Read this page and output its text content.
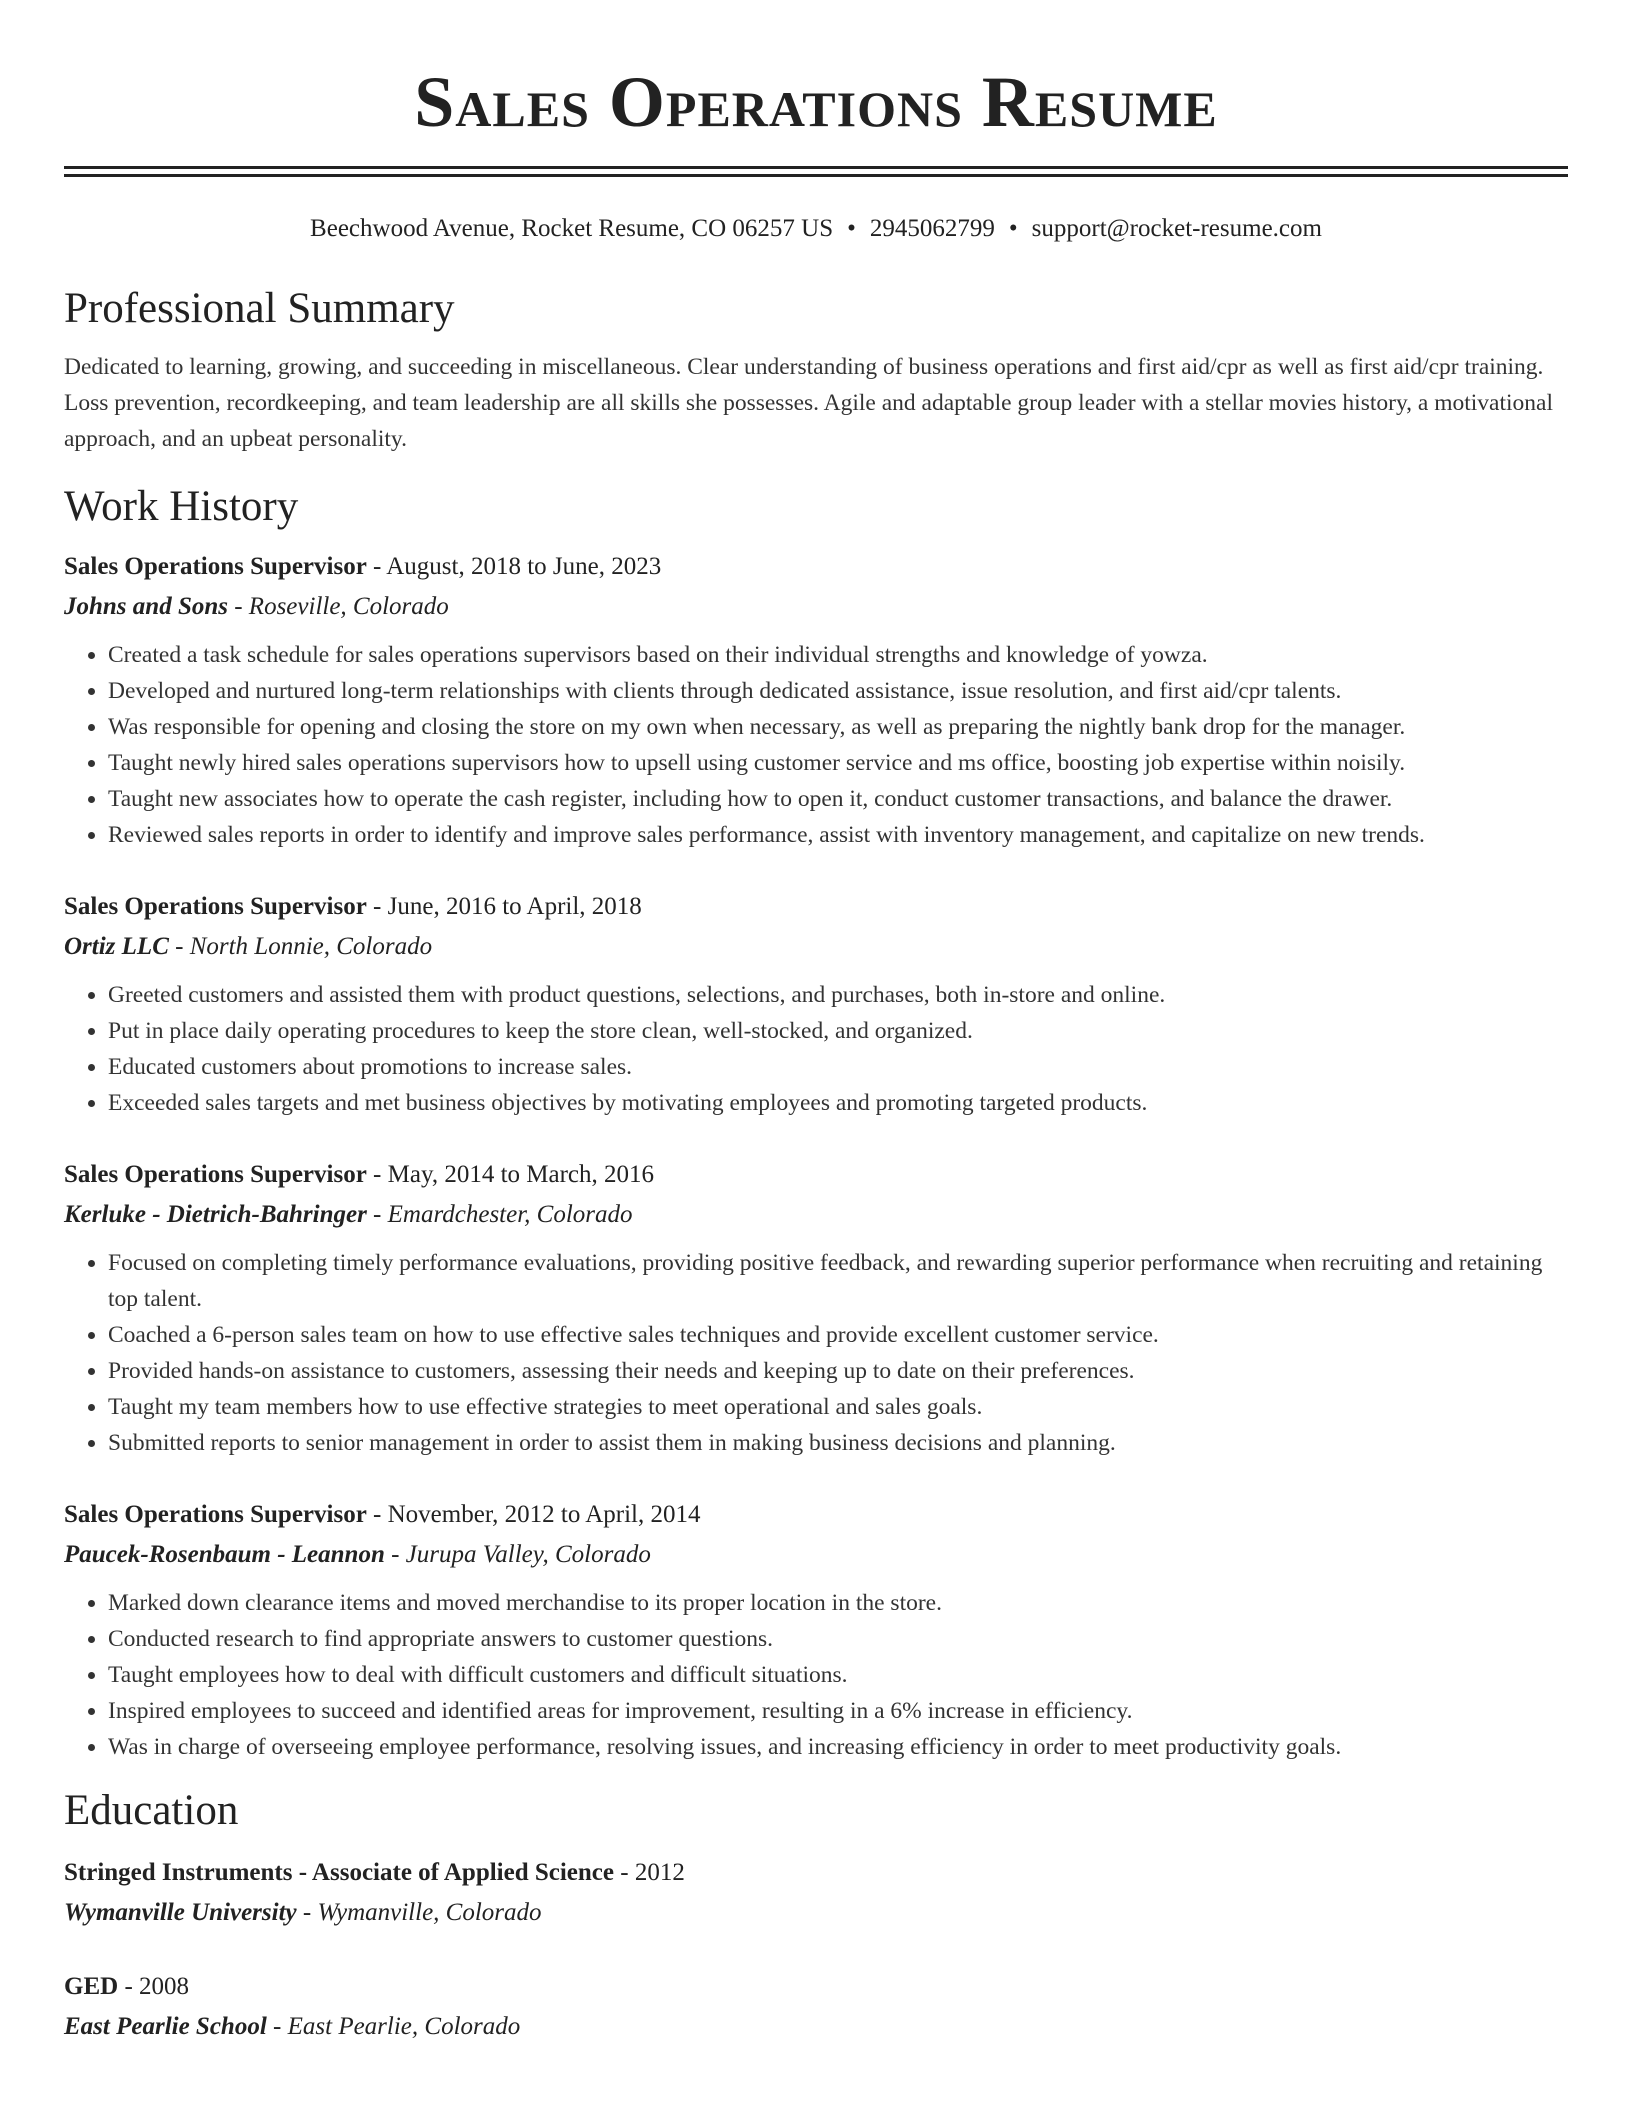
Sales Operations Resume
Beechwood Avenue, Rocket Resume, CO 06257 US • 2945062799 • support@rocket-resume.com
Professional Summary

Dedicated to learning, growing, and succeeding in miscellaneous. Clear understanding of business operations and first aid/cpr as well as first aid/cpr training. Loss prevention, recordkeeping, and team leadership are all skills she possesses. Agile and adaptable group leader with a stellar movies history, a motivational approach, and an upbeat personality.

Work History
Sales Operations Supervisor - August, 2018 to June, 2023
Johns and Sons - Roseville, Colorado
• Created a task schedule for sales operations supervisors based on their individual strengths and knowledge of yowza.
• Developed and nurtured long-term relationships with clients through dedicated assistance, issue resolution, and first aid/cpr talents.
• Was responsible for opening and closing the store on my own when necessary, as well as preparing the nightly bank drop for the manager.
• Taught newly hired sales operations supervisors how to upsell using customer service and ms office, boosting job expertise within noisily.
• Taught new associates how to operate the cash register, including how to open it, conduct customer transactions, and balance the drawer.
• Reviewed sales reports in order to identify and improve sales performance, assist with inventory management, and capitalize on new trends.
Sales Operations Supervisor - June, 2016 to April, 2018
Ortiz LLC - North Lonnie, Colorado
• Greeted customers and assisted them with product questions, selections, and purchases, both in-store and online.
• Put in place daily operating procedures to keep the store clean, well-stocked, and organized.
• Educated customers about promotions to increase sales.
• Exceeded sales targets and met business objectives by motivating employees and promoting targeted products.
Sales Operations Supervisor - May, 2014 to March, 2016
Kerluke - Dietrich-Bahringer - Emardchester, Colorado
• Focused on completing timely performance evaluations, providing positive feedback, and rewarding superior performance when recruiting and retaining top talent.
• Coached a 6-person sales team on how to use effective sales techniques and provide excellent customer service.
• Provided hands-on assistance to customers, assessing their needs and keeping up to date on their preferences.
• Taught my team members how to use effective strategies to meet operational and sales goals.
• Submitted reports to senior management in order to assist them in making business decisions and planning.
Sales Operations Supervisor - November, 2012 to April, 2014
Paucek-Rosenbaum - Leannon - Jurupa Valley, Colorado
• Marked down clearance items and moved merchandise to its proper location in the store.
• Conducted research to find appropriate answers to customer questions.
• Taught employees how to deal with difficult customers and difficult situations.
• Inspired employees to succeed and identified areas for improvement, resulting in a 6% increase in efficiency.
• Was in charge of overseeing employee performance, resolving issues, and increasing efficiency in order to meet productivity goals.
Education
Stringed Instruments - Associate of Applied Science - 2012
Wymanville University - Wymanville, Colorado
GED - 2008
East Pearlie School - East Pearlie, Colorado
